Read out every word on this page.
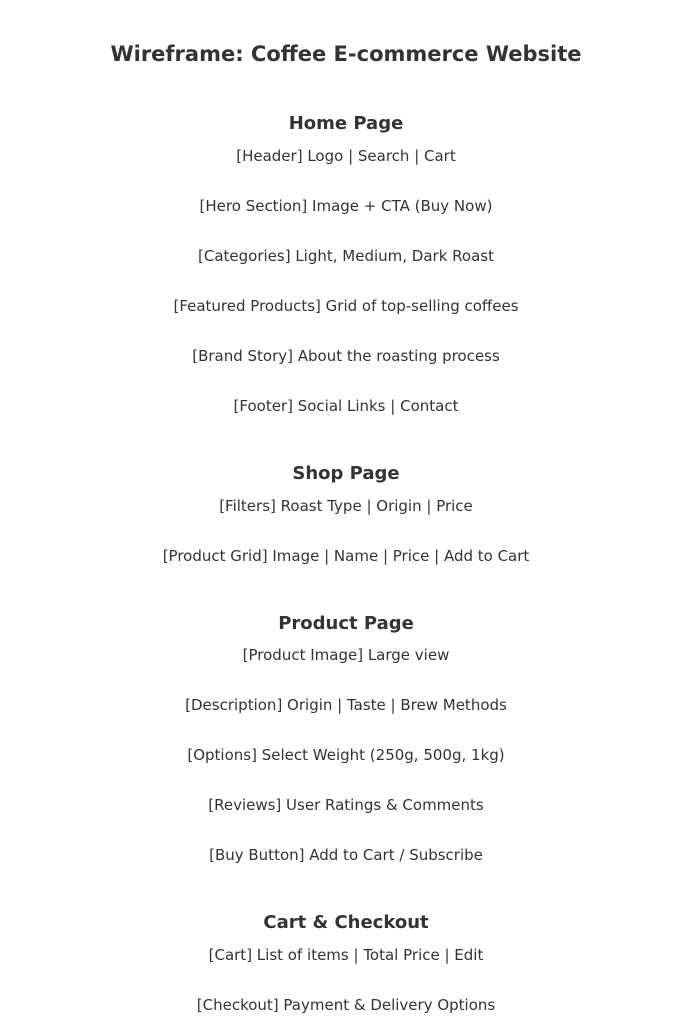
Wireframe: Coffee E-commerce Website
Home Page

[Header] Logo | Search | Cart

[Hero Section] Image + CTA (Buy Now)

[Categories] Light, Medium, Dark Roast

[Featured Products] Grid of top-selling coffees

[Brand Story] About the roasting process

[Footer] Social Links | Contact

Shop Page

[Filters] Roast Type | Origin | Price

[Product Grid] Image | Name | Price | Add to Cart

Product Page

[Product Image] Large view

[Description] Origin | Taste | Brew Methods

[Options] Select Weight (250g, 500g, 1kg)

[Reviews] User Ratings & Comments

[Buy Button] Add to Cart / Subscribe

Cart & Checkout

[Cart] List of items | Total Price | Edit

[Checkout] Payment & Delivery Options
